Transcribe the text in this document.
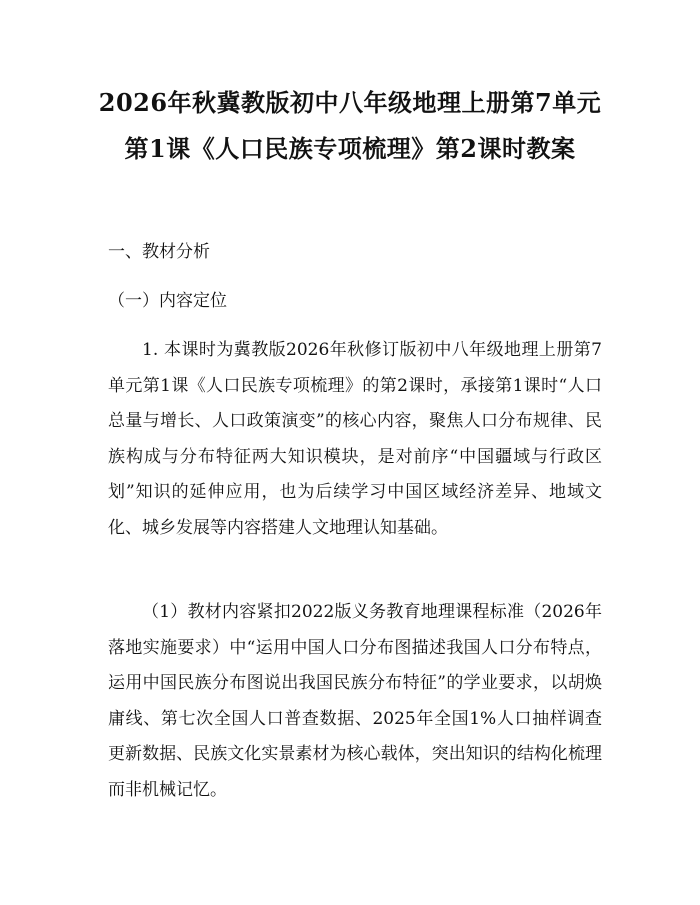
2026年秋冀教版初中八年级地理上册第7单元第1课《人口民族专项梳理》第2课时教案

一、教材分析

（一）内容定位

1. 本课时为冀教版2026年秋修订版初中八年级地理上册第7单元第1课《人口民族专项梳理》的第2课时，承接第1课时“人口总量与增长、人口政策演变”的核心内容，聚焦人口分布规律、民族构成与分布特征两大知识模块，是对前序“中国疆域与行政区划”知识的延伸应用，也为后续学习中国区域经济差异、地域文化、城乡发展等内容搭建人文地理认知基础。

（1）教材内容紧扣2022版义务教育地理课程标准（2026年落地实施要求）中“运用中国人口分布图描述我国人口分布特点，运用中国民族分布图说出我国民族分布特征”的学业要求，以胡焕庸线、第七次全国人口普查数据、2025年全国1%人口抽样调查更新数据、民族文化实景素材为核心载体，突出知识的结构化梳理而非机械记忆。
